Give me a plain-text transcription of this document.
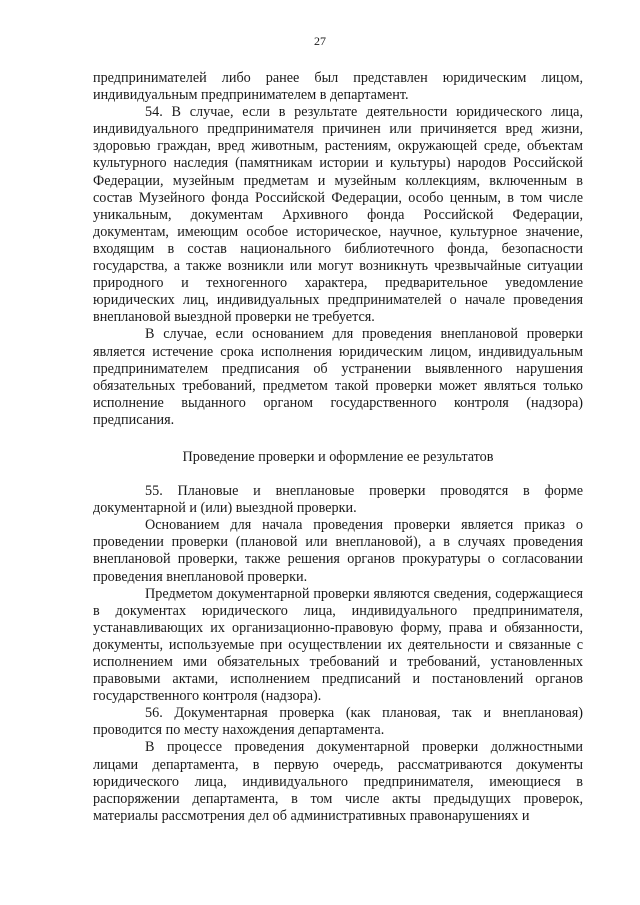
27

предпринимателей либо ранее был представлен юридическим лицом, индивидуальным предпринимателем в департамент.

54. В случае, если в результате деятельности юридического лица, индивидуального предпринимателя причинен или причиняется вред жизни, здоровью граждан, вред животным, растениям, окружающей среде, объектам культурного наследия (памятникам истории и культуры) народов Российской Федерации, музейным предметам и музейным коллекциям, включенным в состав Музейного фонда Российской Федерации, особо ценным, в том числе уникальным, документам Архивного фонда Российской Федерации, документам, имеющим особое историческое, научное, культурное значение, входящим в состав национального библиотечного фонда, безопасности государства, а также возникли или могут возникнуть чрезвычайные ситуации природного и техногенного характера, предварительное уведомление юридических лиц, индивидуальных предпринимателей о начале проведения внеплановой выездной проверки не требуется.

В случае, если основанием для проведения внеплановой проверки является истечение срока исполнения юридическим лицом, индивидуальным предпринимателем предписания об устранении выявленного нарушения обязательных требований, предметом такой проверки может являться только исполнение выданного органом государственного контроля (надзора) предписания.

Проведение проверки и оформление ее результатов

55. Плановые и внеплановые проверки проводятся в форме документарной и (или) выездной проверки.

Основанием для начала проведения проверки является приказ о проведении проверки (плановой или внеплановой), а в случаях проведения внеплановой проверки, также решения органов прокуратуры о согласовании проведения внеплановой проверки.

Предметом документарной проверки являются сведения, содержащиеся в документах юридического лица, индивидуального предпринимателя, устанавливающих их организационно-правовую форму, права и обязанности, документы, используемые при осуществлении их деятельности и связанные с исполнением ими обязательных требований и требований, установленных правовыми актами, исполнением предписаний и постановлений органов государственного контроля (надзора).

56. Документарная проверка (как плановая, так и внеплановая) проводится по месту нахождения департамента.

В процессе проведения документарной проверки должностными лицами департамента, в первую очередь, рассматриваются документы юридического лица, индивидуального предпринимателя, имеющиеся в распоряжении департамента, в том числе акты предыдущих проверок, материалы рассмотрения дел об административных правонарушениях и
